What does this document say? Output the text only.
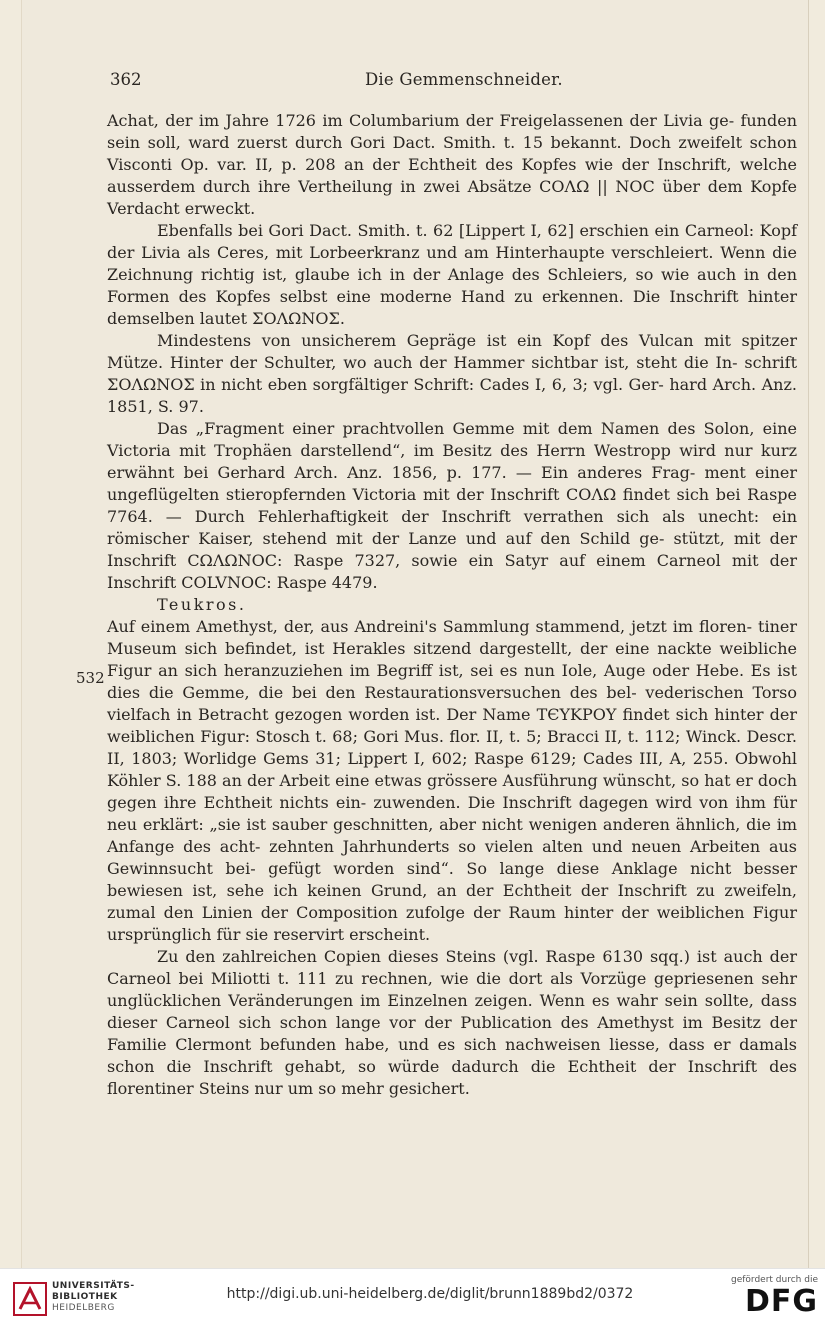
362	Die Gemmenschneider.
532

Achat, der im Jahre 1726 im Columbarium der Freigelassenen der Livia ge- funden sein soll, ward zuerst durch Gori Dact. Smith. t. 15 bekannt. Doch zweifelt schon Visconti Op. var. II, p. 208 an der Echtheit des Kopfes wie der Inschrift, welche ausserdem durch ihre Vertheilung in zwei Absätze COΛΩ || NOC über dem Kopfe Verdacht erweckt.

Ebenfalls bei Gori Dact. Smith. t. 62 [Lippert I, 62] erschien ein Carneol: Kopf der Livia als Ceres, mit Lorbeerkranz und am Hinterhaupte verschleiert. Wenn die Zeichnung richtig ist, glaube ich in der Anlage des Schleiers, so wie auch in den Formen des Kopfes selbst eine moderne Hand zu erkennen. Die Inschrift hinter demselben lautet ΣΟΛΩΝΟΣ.

Mindestens von unsicherem Gepräge ist ein Kopf des Vulcan mit spitzer Mütze. Hinter der Schulter, wo auch der Hammer sichtbar ist, steht die In- schrift ΣΟΛΩΝΟΣ in nicht eben sorgfältiger Schrift: Cades I, 6, 3; vgl. Ger- hard Arch. Anz. 1851, S. 97.

Das „Fragment einer prachtvollen Gemme mit dem Namen des Solon, eine Victoria mit Trophäen darstellend“, im Besitz des Herrn Westropp wird nur kurz erwähnt bei Gerhard Arch. Anz. 1856, p. 177. — Ein anderes Frag- ment einer ungeflügelten stieropfernden Victoria mit der Inschrift COΛΩ findet sich bei Raspe 7764. — Durch Fehlerhaftigkeit der Inschrift verrathen sich als unecht: ein römischer Kaiser, stehend mit der Lanze und auf den Schild ge- stützt, mit der Inschrift CΩΛΩNOC: Raspe 7327, sowie ein Satyr auf einem Carneol mit der Inschrift COLVNOC: Raspe 4479.

Teukros.

Auf einem Amethyst, der, aus Andreini's Sammlung stammend, jetzt im floren- tiner Museum sich befindet, ist Herakles sitzend dargestellt, der eine nackte weibliche Figur an sich heranzuziehen im Begriff ist, sei es nun Iole, Auge oder Hebe. Es ist dies die Gemme, die bei den Restaurationsversuchen des bel- vederischen Torso vielfach in Betracht gezogen worden ist. Der Name TЄYKPOY findet sich hinter der weiblichen Figur: Stosch t. 68; Gori Mus. flor. II, t. 5; Bracci II, t. 112; Winck. Descr. II, 1803; Worlidge Gems 31; Lippert I, 602; Raspe 6129; Cades III, A, 255. Obwohl Köhler S. 188 an der Arbeit eine etwas grössere Ausführung wünscht, so hat er doch gegen ihre Echtheit nichts ein- zuwenden. Die Inschrift dagegen wird von ihm für neu erklärt: „sie ist sauber geschnitten, aber nicht wenigen anderen ähnlich, die im Anfange des acht- zehnten Jahrhunderts so vielen alten und neuen Arbeiten aus Gewinnsucht bei- gefügt worden sind“. So lange diese Anklage nicht besser bewiesen ist, sehe ich keinen Grund, an der Echtheit der Inschrift zu zweifeln, zumal den Linien der Composition zufolge der Raum hinter der weiblichen Figur ursprünglich für sie reservirt erscheint.

Zu den zahlreichen Copien dieses Steins (vgl. Raspe 6130 sqq.) ist auch der Carneol bei Miliotti t. 111 zu rechnen, wie die dort als Vorzüge gepriesenen sehr unglücklichen Veränderungen im Einzelnen zeigen. Wenn es wahr sein sollte, dass dieser Carneol sich schon lange vor der Publication des Amethyst im Besitz der Familie Clermont befunden habe, und es sich nachweisen liesse, dass er damals schon die Inschrift gehabt, so würde dadurch die Echtheit der Inschrift des florentiner Steins nur um so mehr gesichert.

UNIVERSITÄTS-
BIBLIOTHEK
HEIDELBERG
http://digi.ub.uni-heidelberg.de/diglit/brunn1889bd2/0372
gefördert durch die
DFG
